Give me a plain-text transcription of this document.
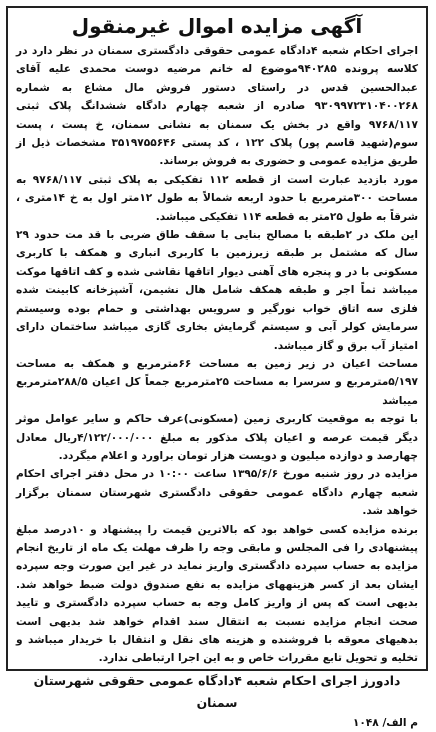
آگهی مزایده اموال غیرمنقول

اجرای احکام شعبه ۴دادگاه عمومی حقوقی دادگستری سمنان در نظر دارد در کلاسه پرونده ۹۴۰۲۸۵موضوع له خانم مرضیه دوست محمدی علیه آقای عبدالحسین قدس در راستای دستور فروش مال مشاع به شماره ۹۳۰۹۹۷۲۳۱۰۴۰۰۲۶۸ صادره از شعبه چهارم دادگاه ششدانگ پلاک ثبتی ۹۷۶۸/۱۱۷ واقع در بخش یک سمنان به نشانی سمنان، خ پست ، پست سوم(شهید قاسم پور) پلاک ۱۲۲ ، کد پستی ۳۵۱۹۷۵۵۶۴۶ مشخصات ذیل از طریق مزایده عمومی و حضوری به فروش برساند.

مورد بازدید عبارت است از قطعه ۱۱۲ تفکیکی به پلاک ثبتی ۹۷۶۸/۱۱۷ به مساحت ۳۰۰مترمربع با حدود اربعه شمالاً به طول ۱۲متر اول به خ ۱۴متری ، شرقاً به طول ۲۵متر به قطعه ۱۱۴ تفکیکی میباشد.

این ملک در ۲طبقه با مصالح بنایی با سقف طاق ضربی با قد مت حدود ۲۹ سال که مشتمل بر طبقه زیرزمین با کاربری انباری و همکف با کاربری مسکونی با در و پنجره های آهنی دیوار اتاقها نقاشی شده و کف اتاقها موکت میباشد تماً اجر و طبقه همکف شامل هال نشیمن، آشپزخانه کابینت شده فلزی سه اتاق خواب نورگیر و سرویس بهداشتی و حمام بوده وسیستم سرمایش کولر آبی و سیستم گرمایش بخاری گازی میباشد ساختمان دارای امتیاز آب برق و گاز میباشد.

مساحت اعیان در زیر زمین به مساحت ۶۶مترمربع و همکف به مساحت ۵/۱۹۷مترمربع و سرسرا به مساحت ۲۵مترمربع جمعاً کل اعیان ۲۸۸/۵مترمربع میباشد

با توجه به موقعیت کاربری زمین (مسکونی)عرف حاکم و سایر عوامل موثر دیگر قیمت عرصه و اعیان پلاک مذکور به مبلغ ۴/۱۲۲/۰۰۰/۰۰۰ریال معادل چهارصد و دوازده میلیون و دویست هزار تومان براورد و اعلام میگردد.

مزایده در روز شنبه مورخ ۱۳۹۵/۶/۶ ساعت ۱۰:۰۰ در محل دفتر اجرای احکام شعبه چهارم دادگاه عمومی حقوقی دادگستری شهرستان سمنان برگزار خواهد شد.

برنده مزایده کسی خواهد بود که بالاترین قیمت را پیشنهاد و ۱۰درصد مبلغ پیشنهادی را فی المجلس و مابقی وجه را ظرف مهلت یک ماه از تاریخ انجام مزایده به حساب سپرده دادگستری واریز نماید در غیر این صورت وجه سپرده ایشان بعد از کسر هزینههای مزایده به نفع صندوق دولت ضبط خواهد شد. بدیهی است که پس از واریز کامل وجه به حساب سپرده دادگستری و تایید صحت انجام مزایده نسبت به انتقال سند اقدام خواهد شد بدیهی است بدهیهای معوقه با فروشنده و هزینه های نقل و انتقال با خریدار میباشد و تخلیه و تحویل تابع مقررات خاص و به این اجرا ارتباطی ندارد.

دادورز اجرای احکام شعبه ۴دادگاه عمومی حقوقی شهرستان سمنان
م الف/ ۱۰۴۸
